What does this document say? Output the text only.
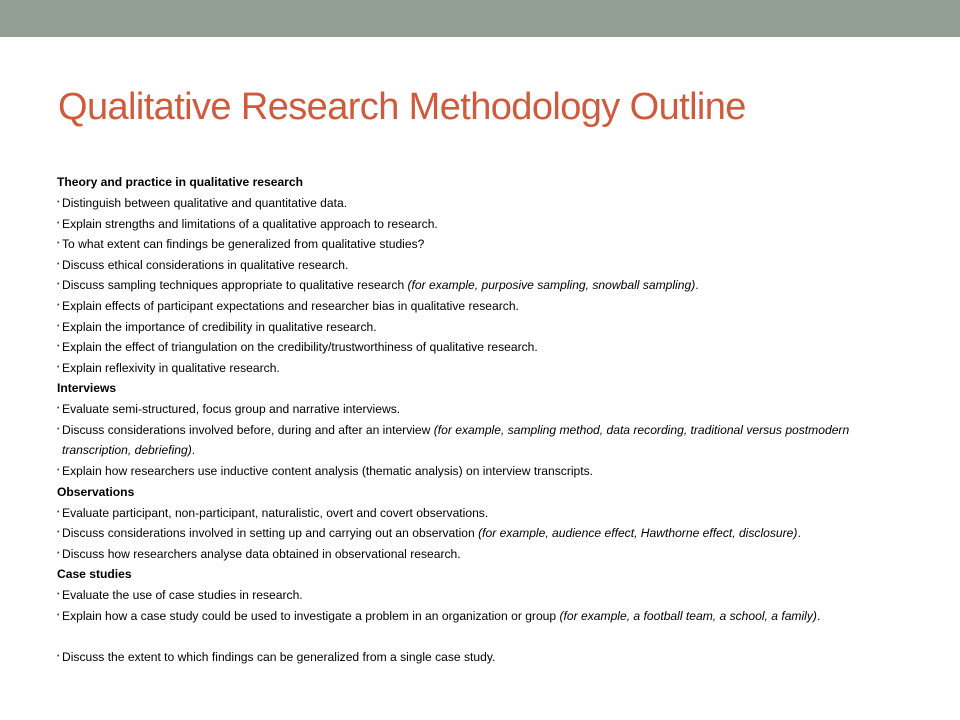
Qualitative Research Methodology Outline
Theory and practice in qualitative research
• Distinguish between qualitative and quantitative data.
• Explain strengths and limitations of a qualitative approach to research.
• To what extent can findings be generalized from qualitative studies?
• Discuss ethical considerations in qualitative research.
• Discuss sampling techniques appropriate to qualitative research (for example, purposive sampling, snowball sampling).
• Explain effects of participant expectations and researcher bias in qualitative research.
• Explain the importance of credibility in qualitative research.
• Explain the effect of triangulation on the credibility/trustworthiness of qualitative research.
• Explain reflexivity in qualitative research.
Interviews
• Evaluate semi-structured, focus group and narrative interviews.
• Discuss considerations involved before, during and after an interview (for example, sampling method, data recording, traditional versus postmodern transcription, debriefing).
• Explain how researchers use inductive content analysis (thematic analysis) on interview transcripts.
Observations
• Evaluate participant, non-participant, naturalistic, overt and covert observations.
• Discuss considerations involved in setting up and carrying out an observation (for example, audience effect, Hawthorne effect, disclosure).
• Discuss how researchers analyse data obtained in observational research.
Case studies
• Evaluate the use of case studies in research.
• Explain how a case study could be used to investigate a problem in an organization or group (for example, a football team, a school, a family).
• Discuss the extent to which findings can be generalized from a single case study.
